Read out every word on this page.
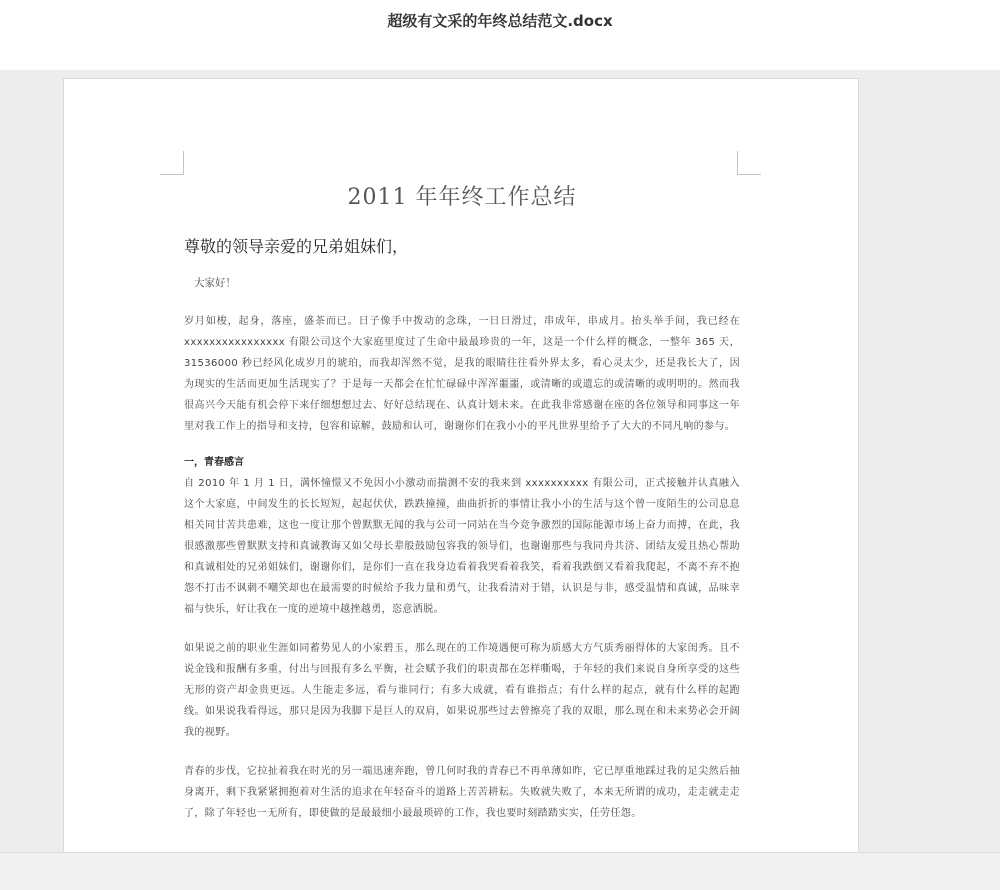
超级有文采的年终总结范文.docx
2011 年年终工作总结
尊敬的领导亲爱的兄弟姐妹们，
大家好！

岁月如梭，起身，落座，盛茶而已。日子像手中拨动的念珠，一日日滑过，串成年，串成月。抬头举手间，我已经在 xxxxxxxxxxxxxxxx 有限公司这个大家庭里度过了生命中最最珍贵的一年，这是一个什么样的概念，一整年 365 天，31536000 秒已经风化成岁月的琥珀，而我却浑然不觉，是我的眼睛往往看外界太多，看心灵太少，还是我长大了，因为现实的生活而更加生活现实了？于是每一天都会在忙忙碌碌中浑浑噩噩，或清晰的或遗忘的或清晰的或明明的。然而我很高兴今天能有机会停下来仔细想想过去、好好总结现在、认真计划未来。在此我非常感谢在座的各位领导和同事这一年里对我工作上的指导和支持，包容和谅解，鼓励和认可，谢谢你们在我小小的平凡世界里给予了大大的不同凡响的参与。

一，青春感言

自 2010 年 1 月 1 日，满怀憧憬又不免因小小激动而揣测不安的我来到 xxxxxxxxxx 有限公司，正式接触并认真融入这个大家庭，中间发生的长长短短，起起伏伏，跌跌撞撞，曲曲折折的事情让我小小的生活与这个曾一度陌生的公司息息相关同甘苦共患难，这也一度让那个曾默默无闻的我与公司一同站在当今竞争激烈的国际能源市场上奋力而搏，在此，我很感激那些曾默默支持和真诚教诲又如父母长辈般鼓励包容我的领导们，也谢谢那些与我同舟共济、团结友爱且热心帮助和真诚相处的兄弟姐妹们，谢谢你们，是你们一直在我身边看着我哭看着我笑，看着我跌倒又看着我爬起，不离不弃不抱怨不打击不讽刺不嘲笑却也在最需要的时候给予我力量和勇气，让我看清对于错，认识是与非，感受温情和真诚，品味幸福与快乐，好让我在一度的逆境中越挫越勇，恣意洒脱。

如果说之前的职业生涯如同蓄势见人的小家碧玉，那么现在的工作境遇便可称为质感大方气质秀丽得体的大家闺秀。且不说金钱和报酬有多重，付出与回报有多么平衡，社会赋予我们的职责都在怎样嘶喝，于年轻的我们来说自身所享受的这些无形的资产却金贵更远。人生能走多远，看与谁同行；有多大成就，看有谁指点；有什么样的起点，就有什么样的起跑线。如果说我看得远，那只是因为我脚下是巨人的双肩，如果说那些过去曾擦亮了我的双眼，那么现在和未来势必会开阔我的视野。

青春的步伐，它拉扯着我在时光的另一端迅速奔跑，曾几何时我的青春已不再单薄如昨，它已厚重地踩过我的足尖然后抽身离开，剩下我紧紧拥抱着对生活的追求在年轻奋斗的道路上苦苦耕耘。失败就失败了，本来无所谓的成功，走走就走走了，除了年轻也一无所有，即使做的是最最细小最最琐碎的工作，我也要时刻踏踏实实，任劳任怨。
